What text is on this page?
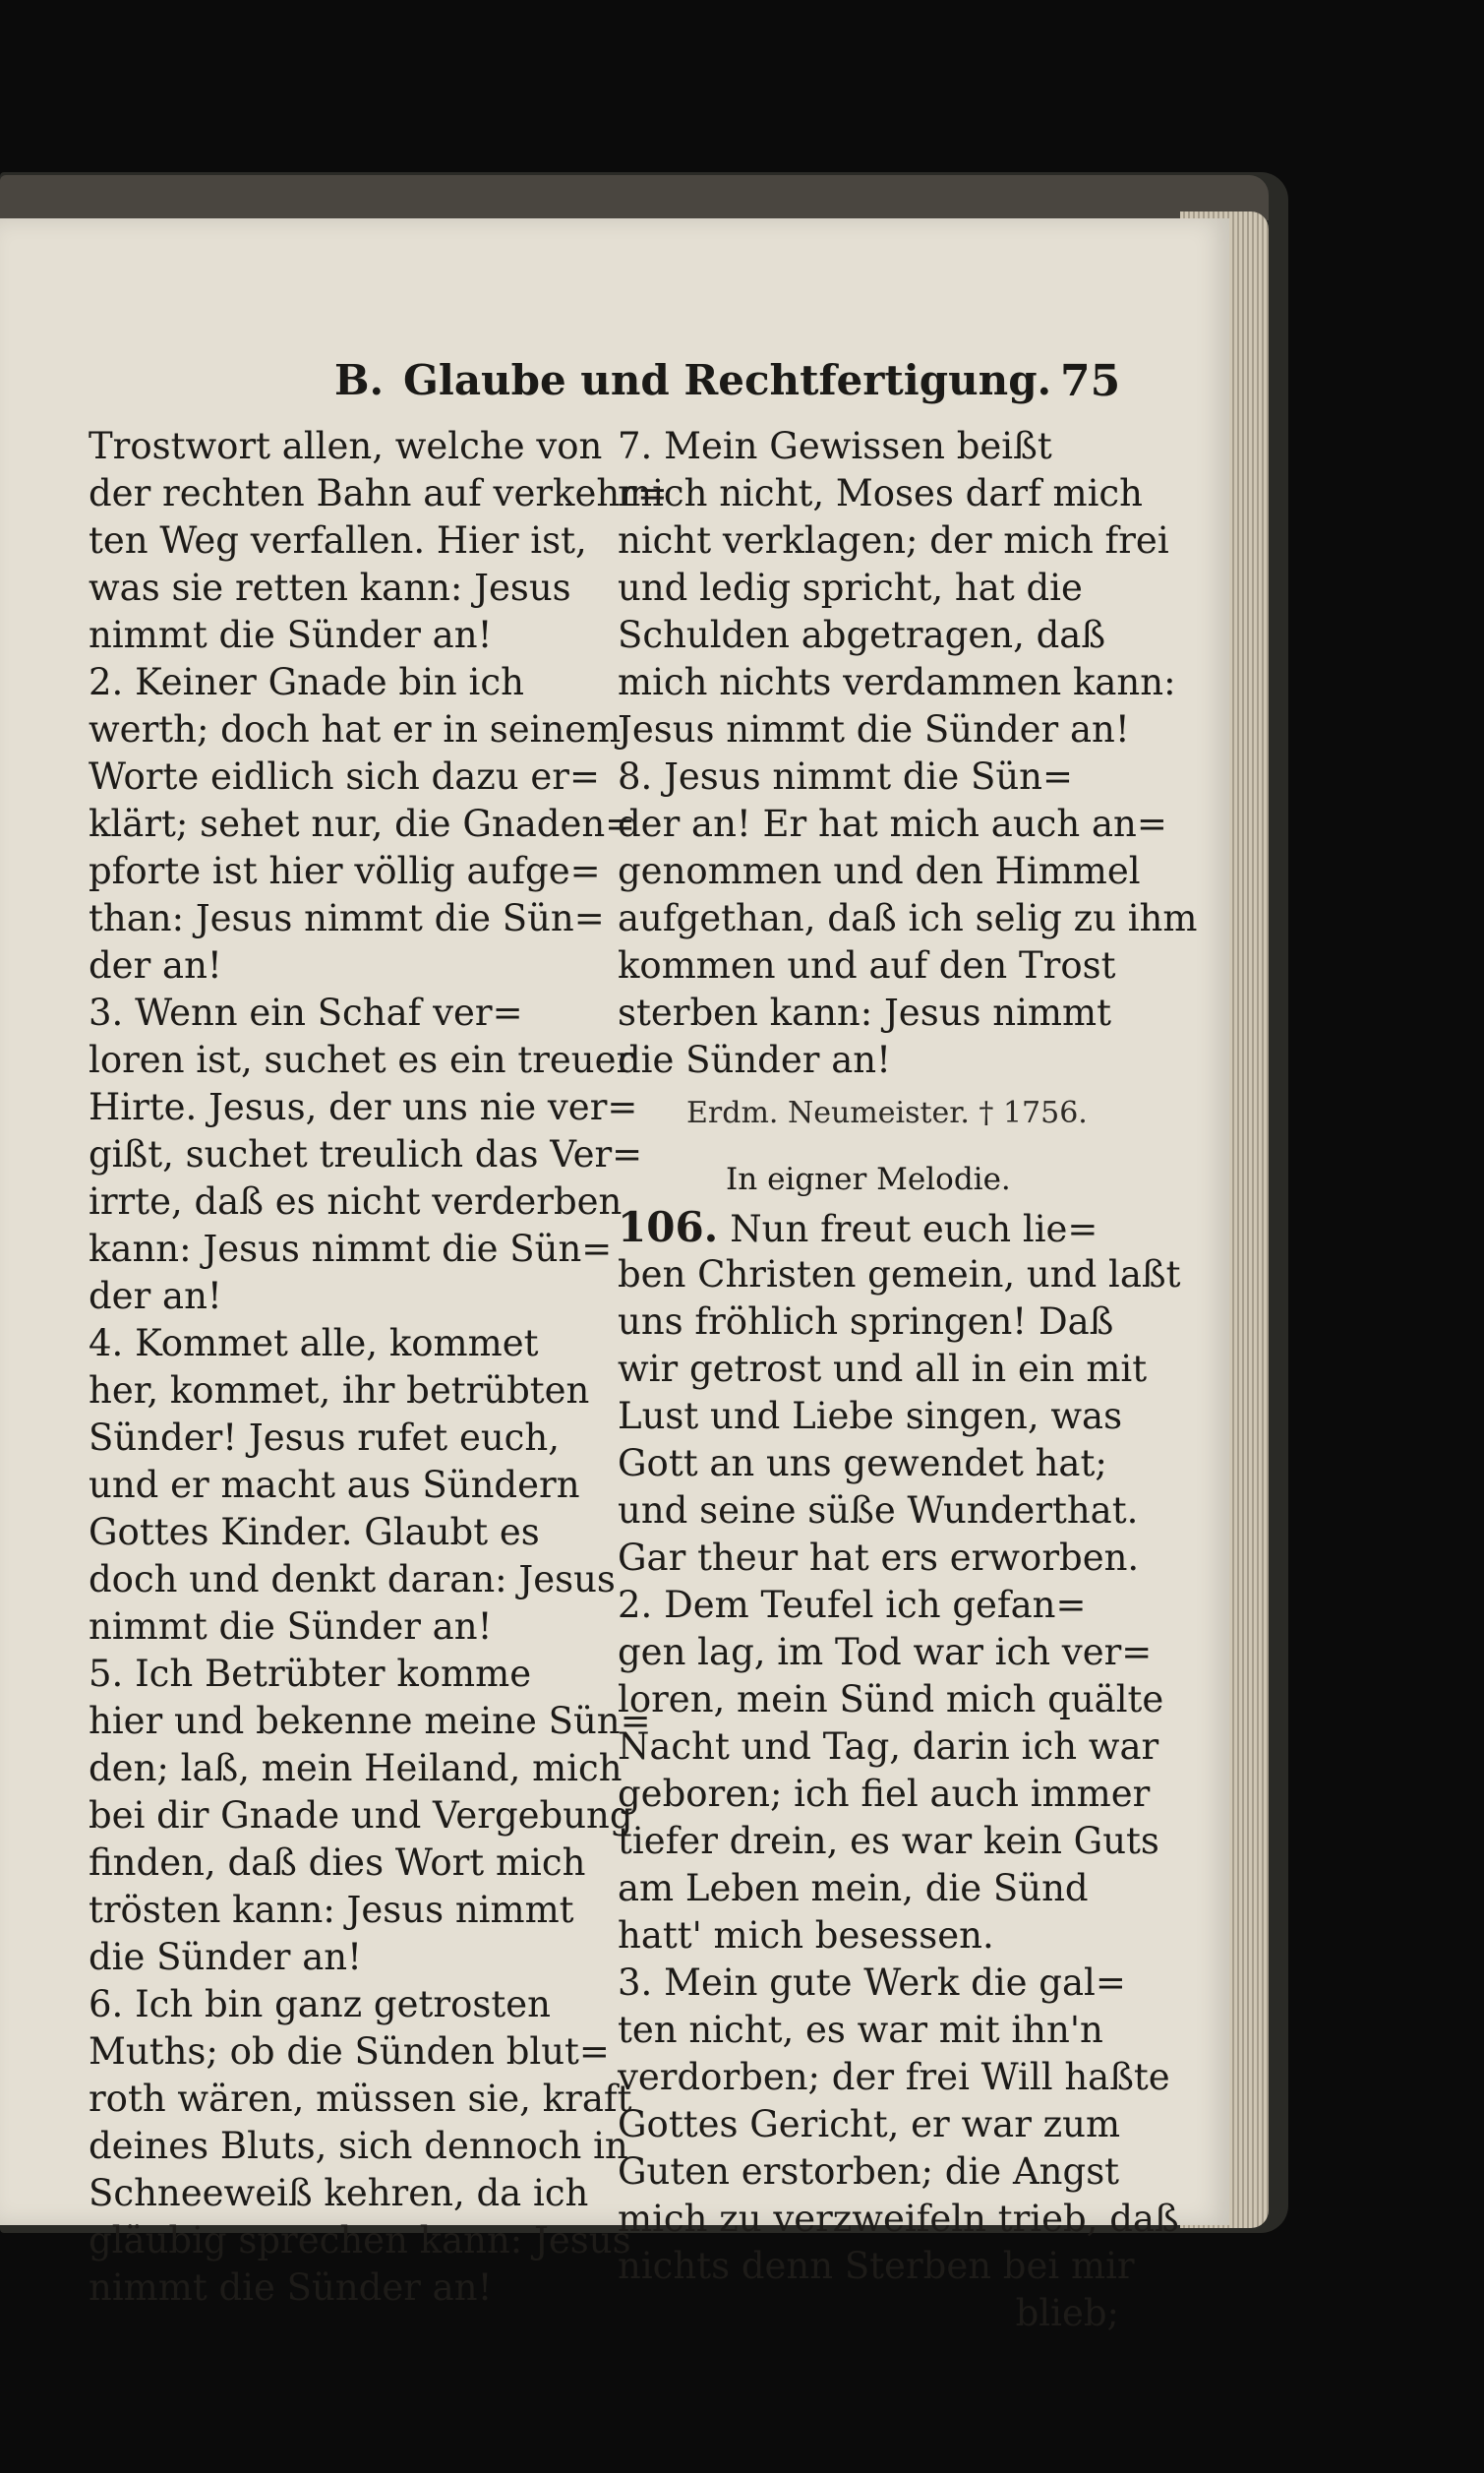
B. Glaube und Rechtfertigung. 75
Trostwort allen, welche von
der rechten Bahn auf verkehr=
ten Weg verfallen. Hier ist,
was sie retten kann: Jesus
nimmt die Sünder an!
2. Keiner Gnade bin ich
werth; doch hat er in seinem
Worte eidlich sich dazu er=
klärt; sehet nur, die Gnaden=
pforte ist hier völlig aufge=
than: Jesus nimmt die Sün=
der an!
3. Wenn ein Schaf ver=
loren ist, suchet es ein treuer
Hirte. Jesus, der uns nie ver=
gißt, suchet treulich das Ver=
irrte, daß es nicht verderben
kann: Jesus nimmt die Sün=
der an!
4. Kommet alle, kommet
her, kommet, ihr betrübten
Sünder! Jesus rufet euch,
und er macht aus Sündern
Gottes Kinder. Glaubt es
doch und denkt daran: Jesus
nimmt die Sünder an!
5. Ich Betrübter komme
hier und bekenne meine Sün=
den; laß, mein Heiland, mich
bei dir Gnade und Vergebung
finden, daß dies Wort mich
trösten kann: Jesus nimmt
die Sünder an!
6. Ich bin ganz getrosten
Muths; ob die Sünden blut=
roth wären, müssen sie, kraft
deines Bluts, sich dennoch in
Schneeweiß kehren, da ich
gläubig sprechen kann: Jesus
nimmt die Sünder an!
7. Mein Gewissen beißt
mich nicht, Moses darf mich
nicht verklagen; der mich frei
und ledig spricht, hat die
Schulden abgetragen, daß
mich nichts verdammen kann:
Jesus nimmt die Sünder an!
8. Jesus nimmt die Sün=
der an! Er hat mich auch an=
genommen und den Himmel
aufgethan, daß ich selig zu ihm
kommen und auf den Trost
sterben kann: Jesus nimmt
die Sünder an!
Erdm. Neumeister. † 1756.
In eigner Melodie.
106. Nun freut euch lie=
ben Christen gemein, und laßt
uns fröhlich springen! Daß
wir getrost und all in ein mit
Lust und Liebe singen, was
Gott an uns gewendet hat;
und seine süße Wunderthat.
Gar theur hat ers erworben.
2. Dem Teufel ich gefan=
gen lag, im Tod war ich ver=
loren, mein Sünd mich quälte
Nacht und Tag, darin ich war
geboren; ich fiel auch immer
tiefer drein, es war kein Guts
am Leben mein, die Sünd
hatt' mich besessen.
3. Mein gute Werk die gal=
ten nicht, es war mit ihn'n
verdorben; der frei Will haßte
Gottes Gericht, er war zum
Guten erstorben; die Angst
mich zu verzweifeln trieb, daß
nichts denn Sterben bei mir
blieb;
